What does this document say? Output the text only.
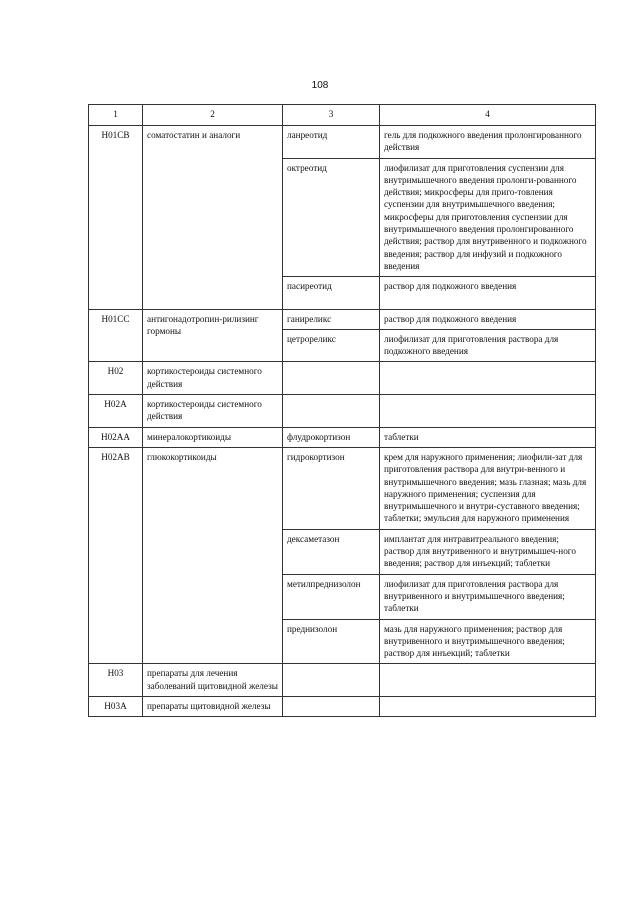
108
1	2	3	4
H01CB	соматостатин и аналоги	ланреотид	гель для подкожного введения пролонгированного действия
		октреотид	лиофилизат для приготовления суспензии для внутримышечного введения пролонги-рованного действия; микросферы для приго-товления суспензии для внутримышечного введения; микросферы для приготовления суспензии для внутримышечного введения пролонгированного действия; раствор для внутривенного и подкожного введения; раствор для инфузий и подкожного введения
		пасиреотид	раствор для подкожного введения
H01CC	антигонадотропин-рилизинг гормоны	ганиреликс	раствор для подкожного введения
		цетрореликс	лиофилизат для приготовления раствора для подкожного введения
H02	кортикостероиды системного действия		
H02A	кортикостероиды системного действия		
H02AA	минералокортикоиды	флудрокортизон	таблетки
H02AB	глюкокортикоиды	гидрокортизон	крем для наружного применения; лиофили-зат для приготовления раствора для внутри-венного и внутримышечного введения; мазь глазная; мазь для наружного применения; суспензия для внутримышечного и внутри-суставного введения; таблетки; эмульсия для наружного применения
		дексаметазон	имплантат для интравитреального введения; раствор для внутривенного и внутримышеч-ного введения; раствор для инъекций; таблетки
		метилпреднизолон	лиофилизат для приготовления раствора для внутривенного и внутримышечного введения; таблетки
		преднизолон	мазь для наружного применения; раствор для внутривенного и внутримышечного введения; раствор для инъекций; таблетки
H03	препараты для лечения заболеваний щитовидной железы		
H03A	препараты щитовидной железы		
